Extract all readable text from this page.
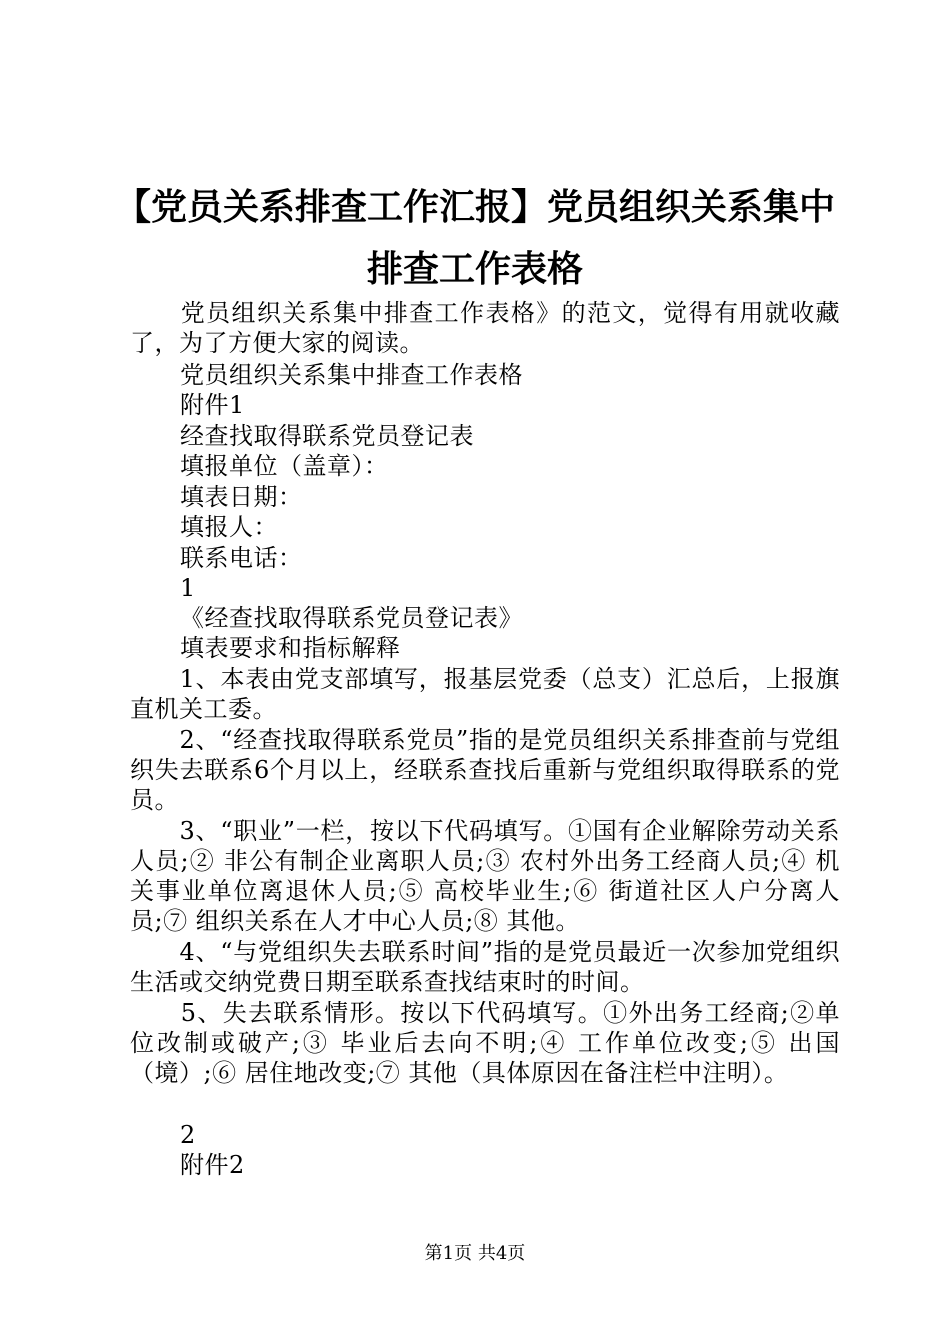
【党员关系排查工作汇报】党员组织关系集中
排查工作表格

　　党员组织关系集中排查工作表格》的范文，觉得有用就收藏了，为了方便大家的阅读。

党员组织关系集中排查工作表格

附件1

经查找取得联系党员登记表

填报单位（盖章）：

填表日期：

填报人：

联系电话：

1

《经查找取得联系党员登记表》

填表要求和指标解释

　　1、本表由党支部填写，报基层党委（总支）汇总后，上报旗直机关工委。

　　2、“经查找取得联系党员”指的是党员组织关系排查前与党组织失去联系6个月以上，经联系查找后重新与党组织取得联系的党员。

　　3、“职业”一栏，按以下代码填写。①国有企业解除劳动关系人员;② 非公有制企业离职人员;③ 农村外出务工经商人员;④ 机关事业单位离退休人员;⑤ 高校毕业生;⑥ 街道社区人户分离人员;⑦ 组织关系在人才中心人员;⑧ 其他。

　　4、“与党组织失去联系时间”指的是党员最近一次参加党组织生活或交纳党费日期至联系查找结束时的时间。

　　5、失去联系情形。按以下代码填写。①外出务工经商;②单位改制或破产;③ 毕业后去向不明;④ 工作单位改变;⑤ 出国（境）;⑥ 居住地改变;⑦ 其他（具体原因在备注栏中注明）。

2

附件2

第1页 共4页
